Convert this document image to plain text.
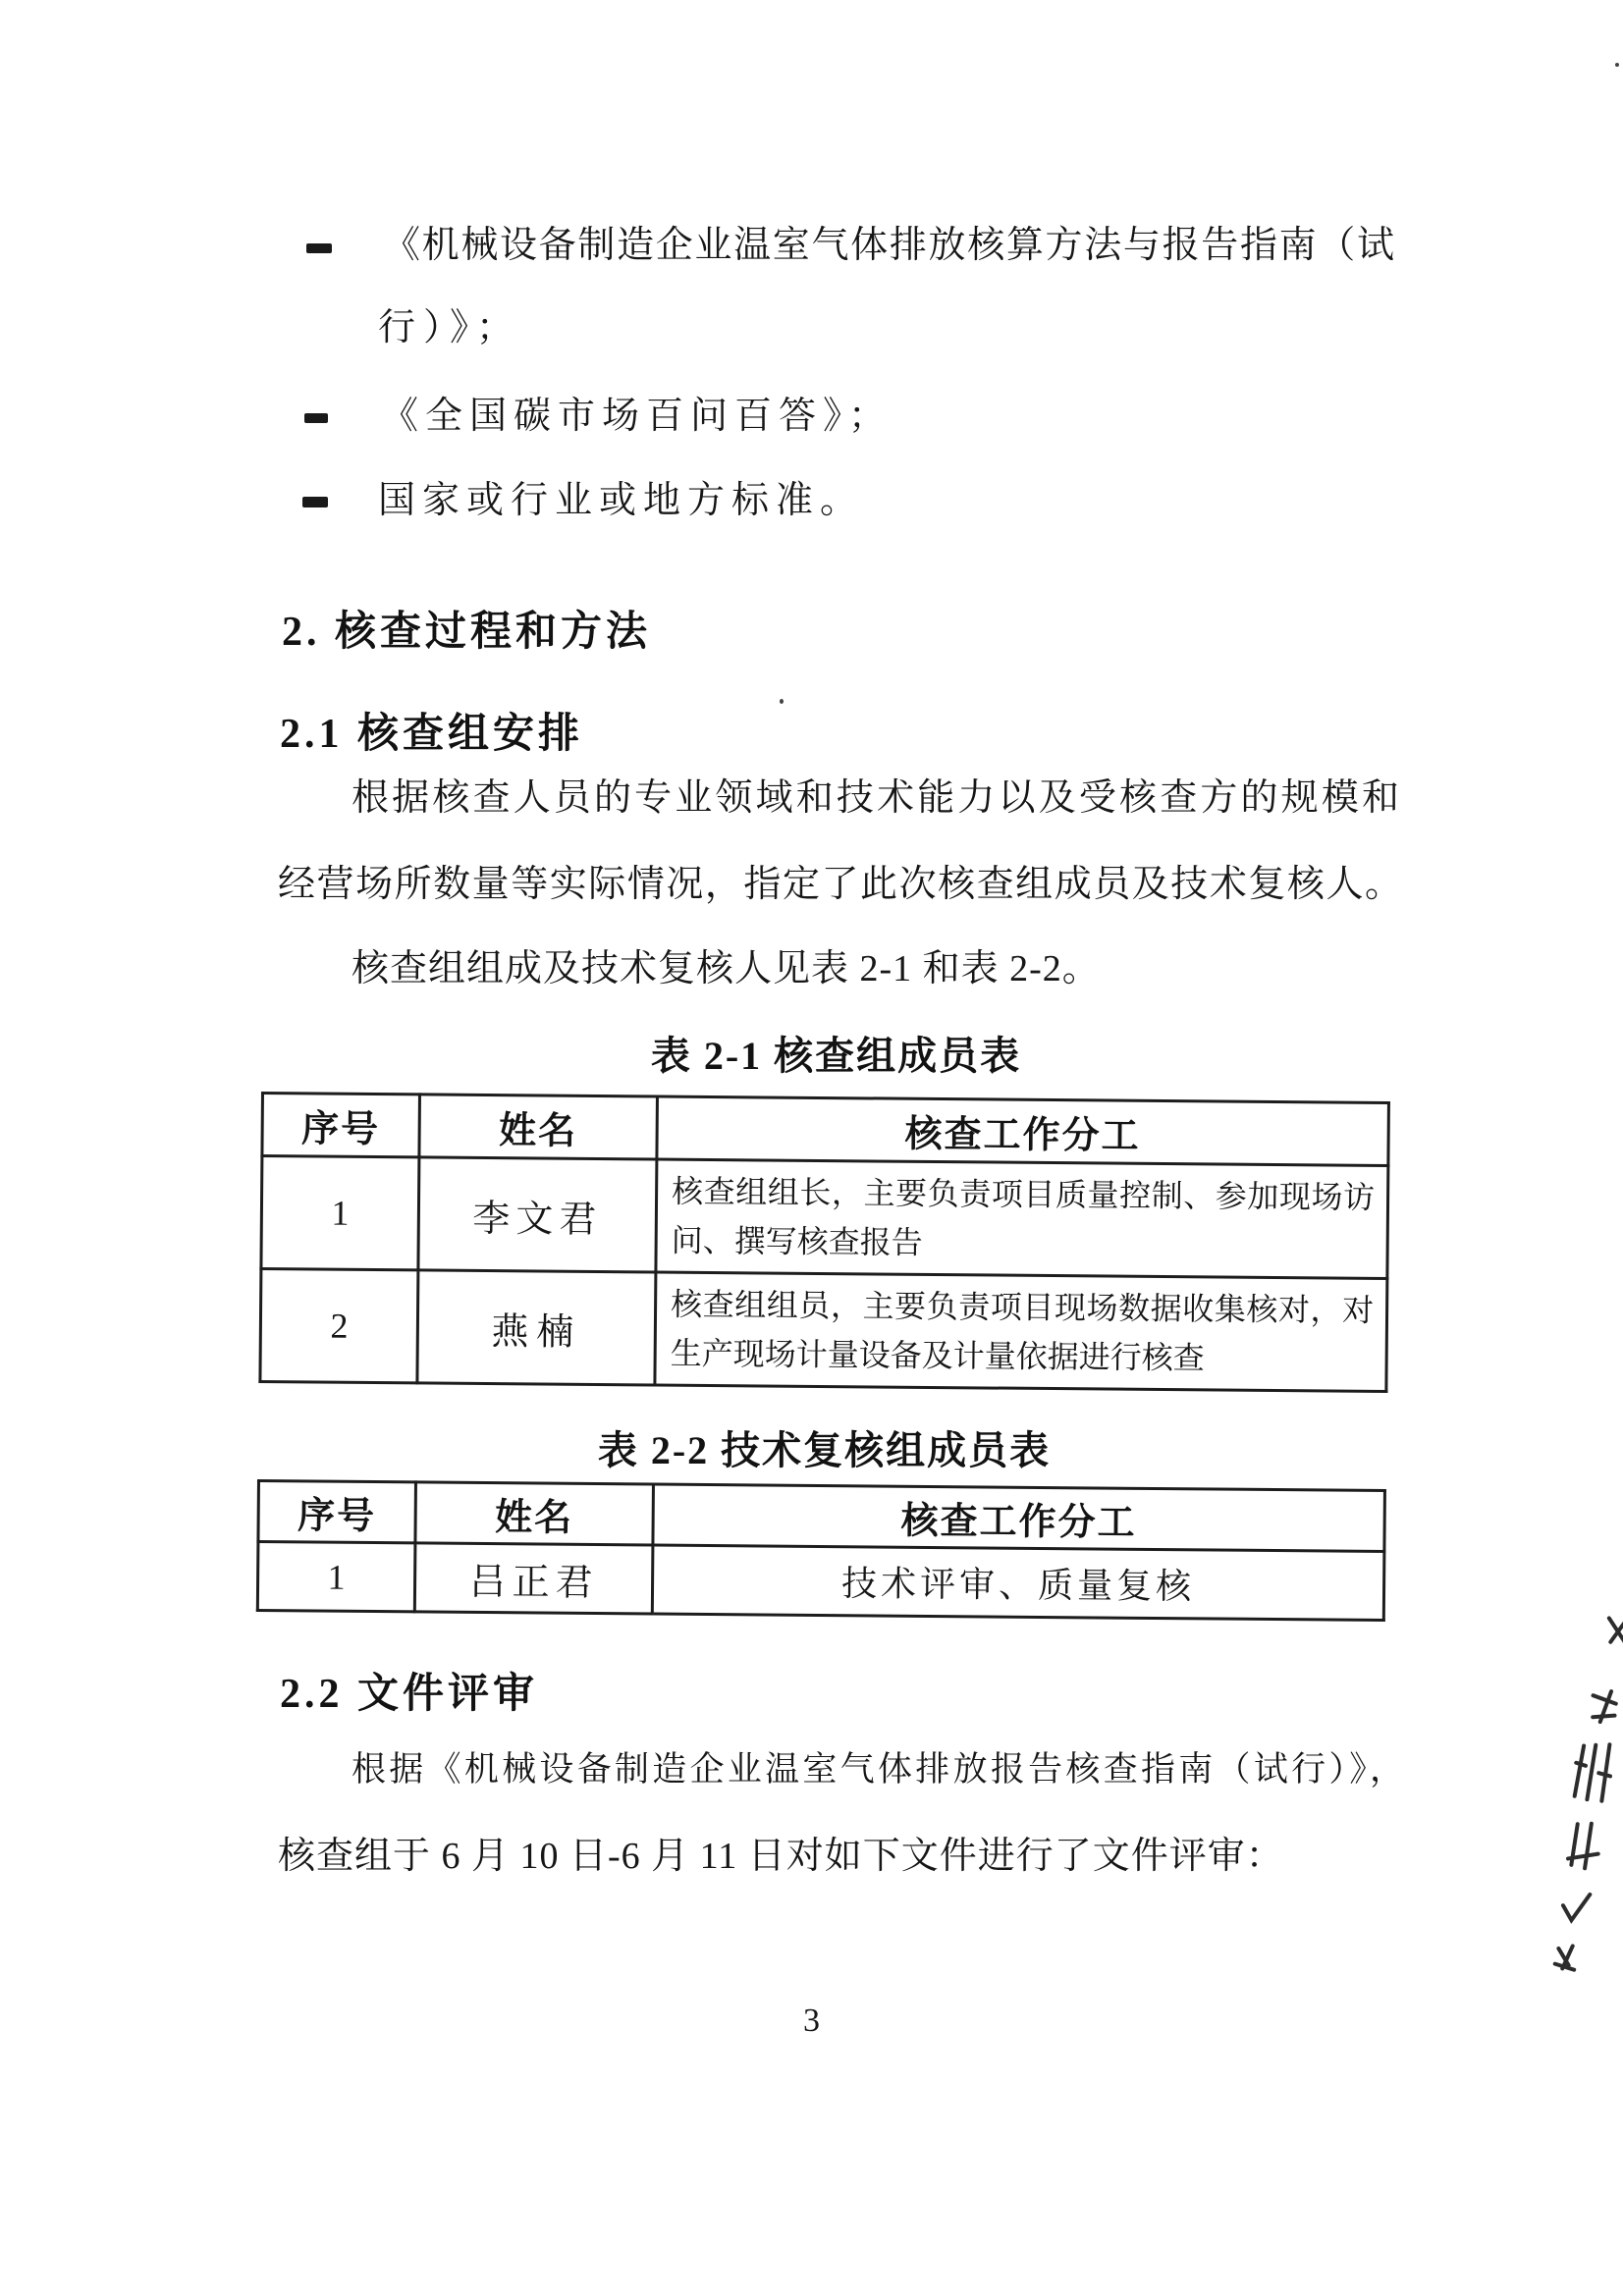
《机械设备制造企业温室气体排放核算方法与报告指南（试
行）》；
《全国碳市场百问百答》；
国家或行业或地方标准。
2. 核查过程和方法
2.1 核查组安排
根据核查人员的专业领域和技术能力以及受核查方的规模和
经营场所数量等实际情况，指定了此次核查组成员及技术复核人。
核查组组成及技术复核人见表 2-1 和表 2-2。
表 2-1 核查组成员表
序号	姓名	核查工作分工
1	李文君	核查组组长，主要负责项目质量控制、参加现场访
问、撰写核查报告

2	燕楠	核查组组员，主要负责项目现场数据收集核对，对
生产现场计量设备及计量依据进行核查
表 2-2 技术复核组成员表
序号	姓名	核查工作分工
1	吕正君	技术评审、质量复核
2.2 文件评审
根据《机械设备制造企业温室气体排放报告核查指南（试行）》，
核查组于 6 月 10 日-6 月 11 日对如下文件进行了文件评审：
3
